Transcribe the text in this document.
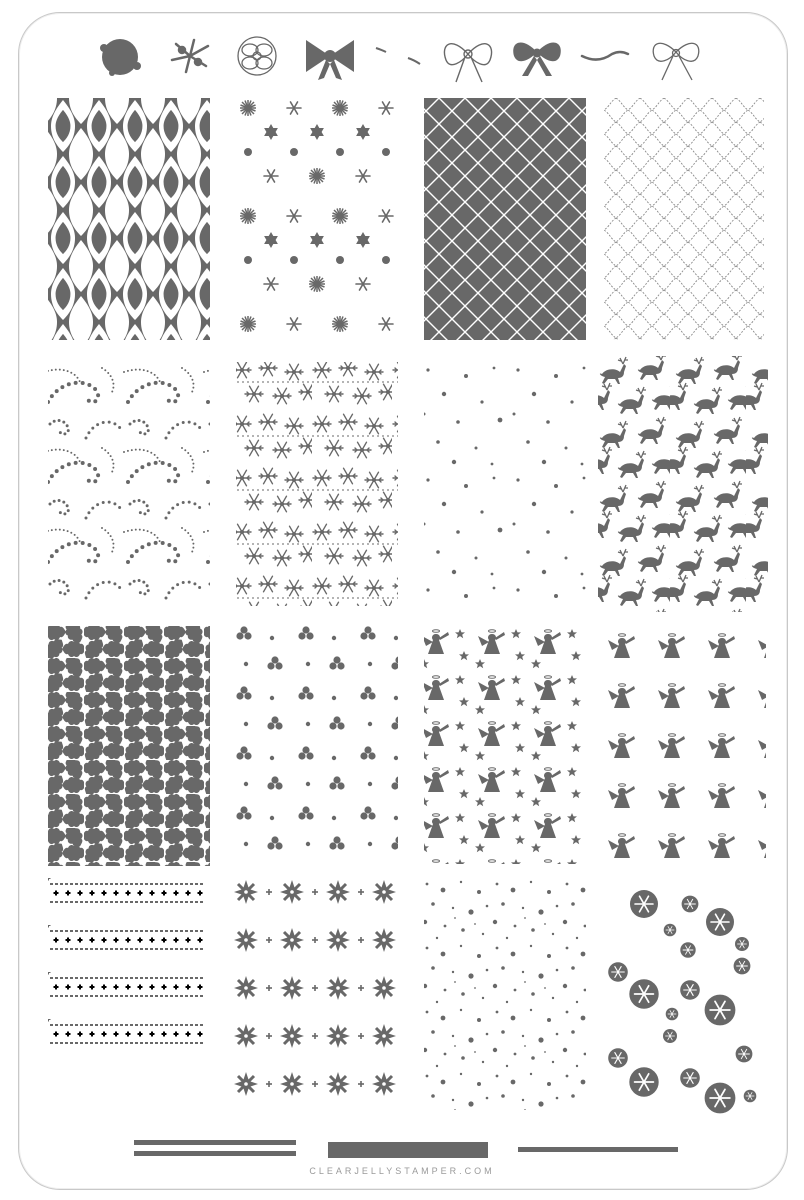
CLEARJELLYSTAMPER.COM
